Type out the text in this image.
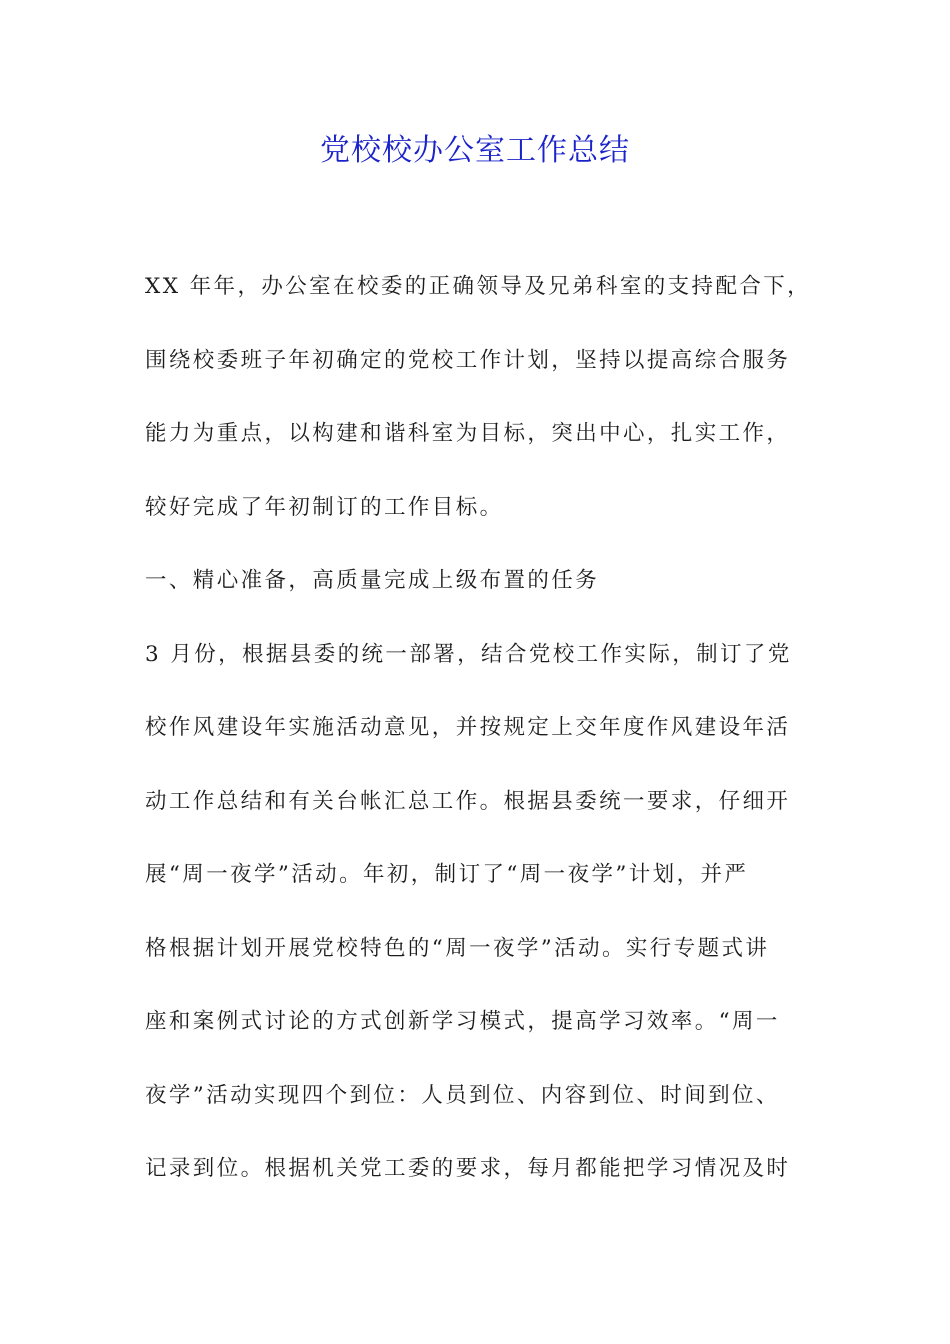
党校校办公室工作总结
XX 年年，办公室在校委的正确领导及兄弟科室的支持配合下，
围绕校委班子年初确定的党校工作计划，坚持以提高综合服务
能力为重点，以构建和谐科室为目标，突出中心，扎实工作，
较好完成了年初制订的工作目标。
一、精心准备，高质量完成上级布置的任务
3 月份，根据县委的统一部署，结合党校工作实际，制订了党
校作风建设年实施活动意见，并按规定上交年度作风建设年活
动工作总结和有关台帐汇总工作。根据县委统一要求，仔细开
展“周一夜学”活动。年初，制订了“周一夜学”计划，并严
格根据计划开展党校特色的“周一夜学”活动。实行专题式讲
座和案例式讨论的方式创新学习模式，提高学习效率。“周一
夜学”活动实现四个到位：人员到位、内容到位、时间到位、
记录到位。根据机关党工委的要求，每月都能把学习情况及时
